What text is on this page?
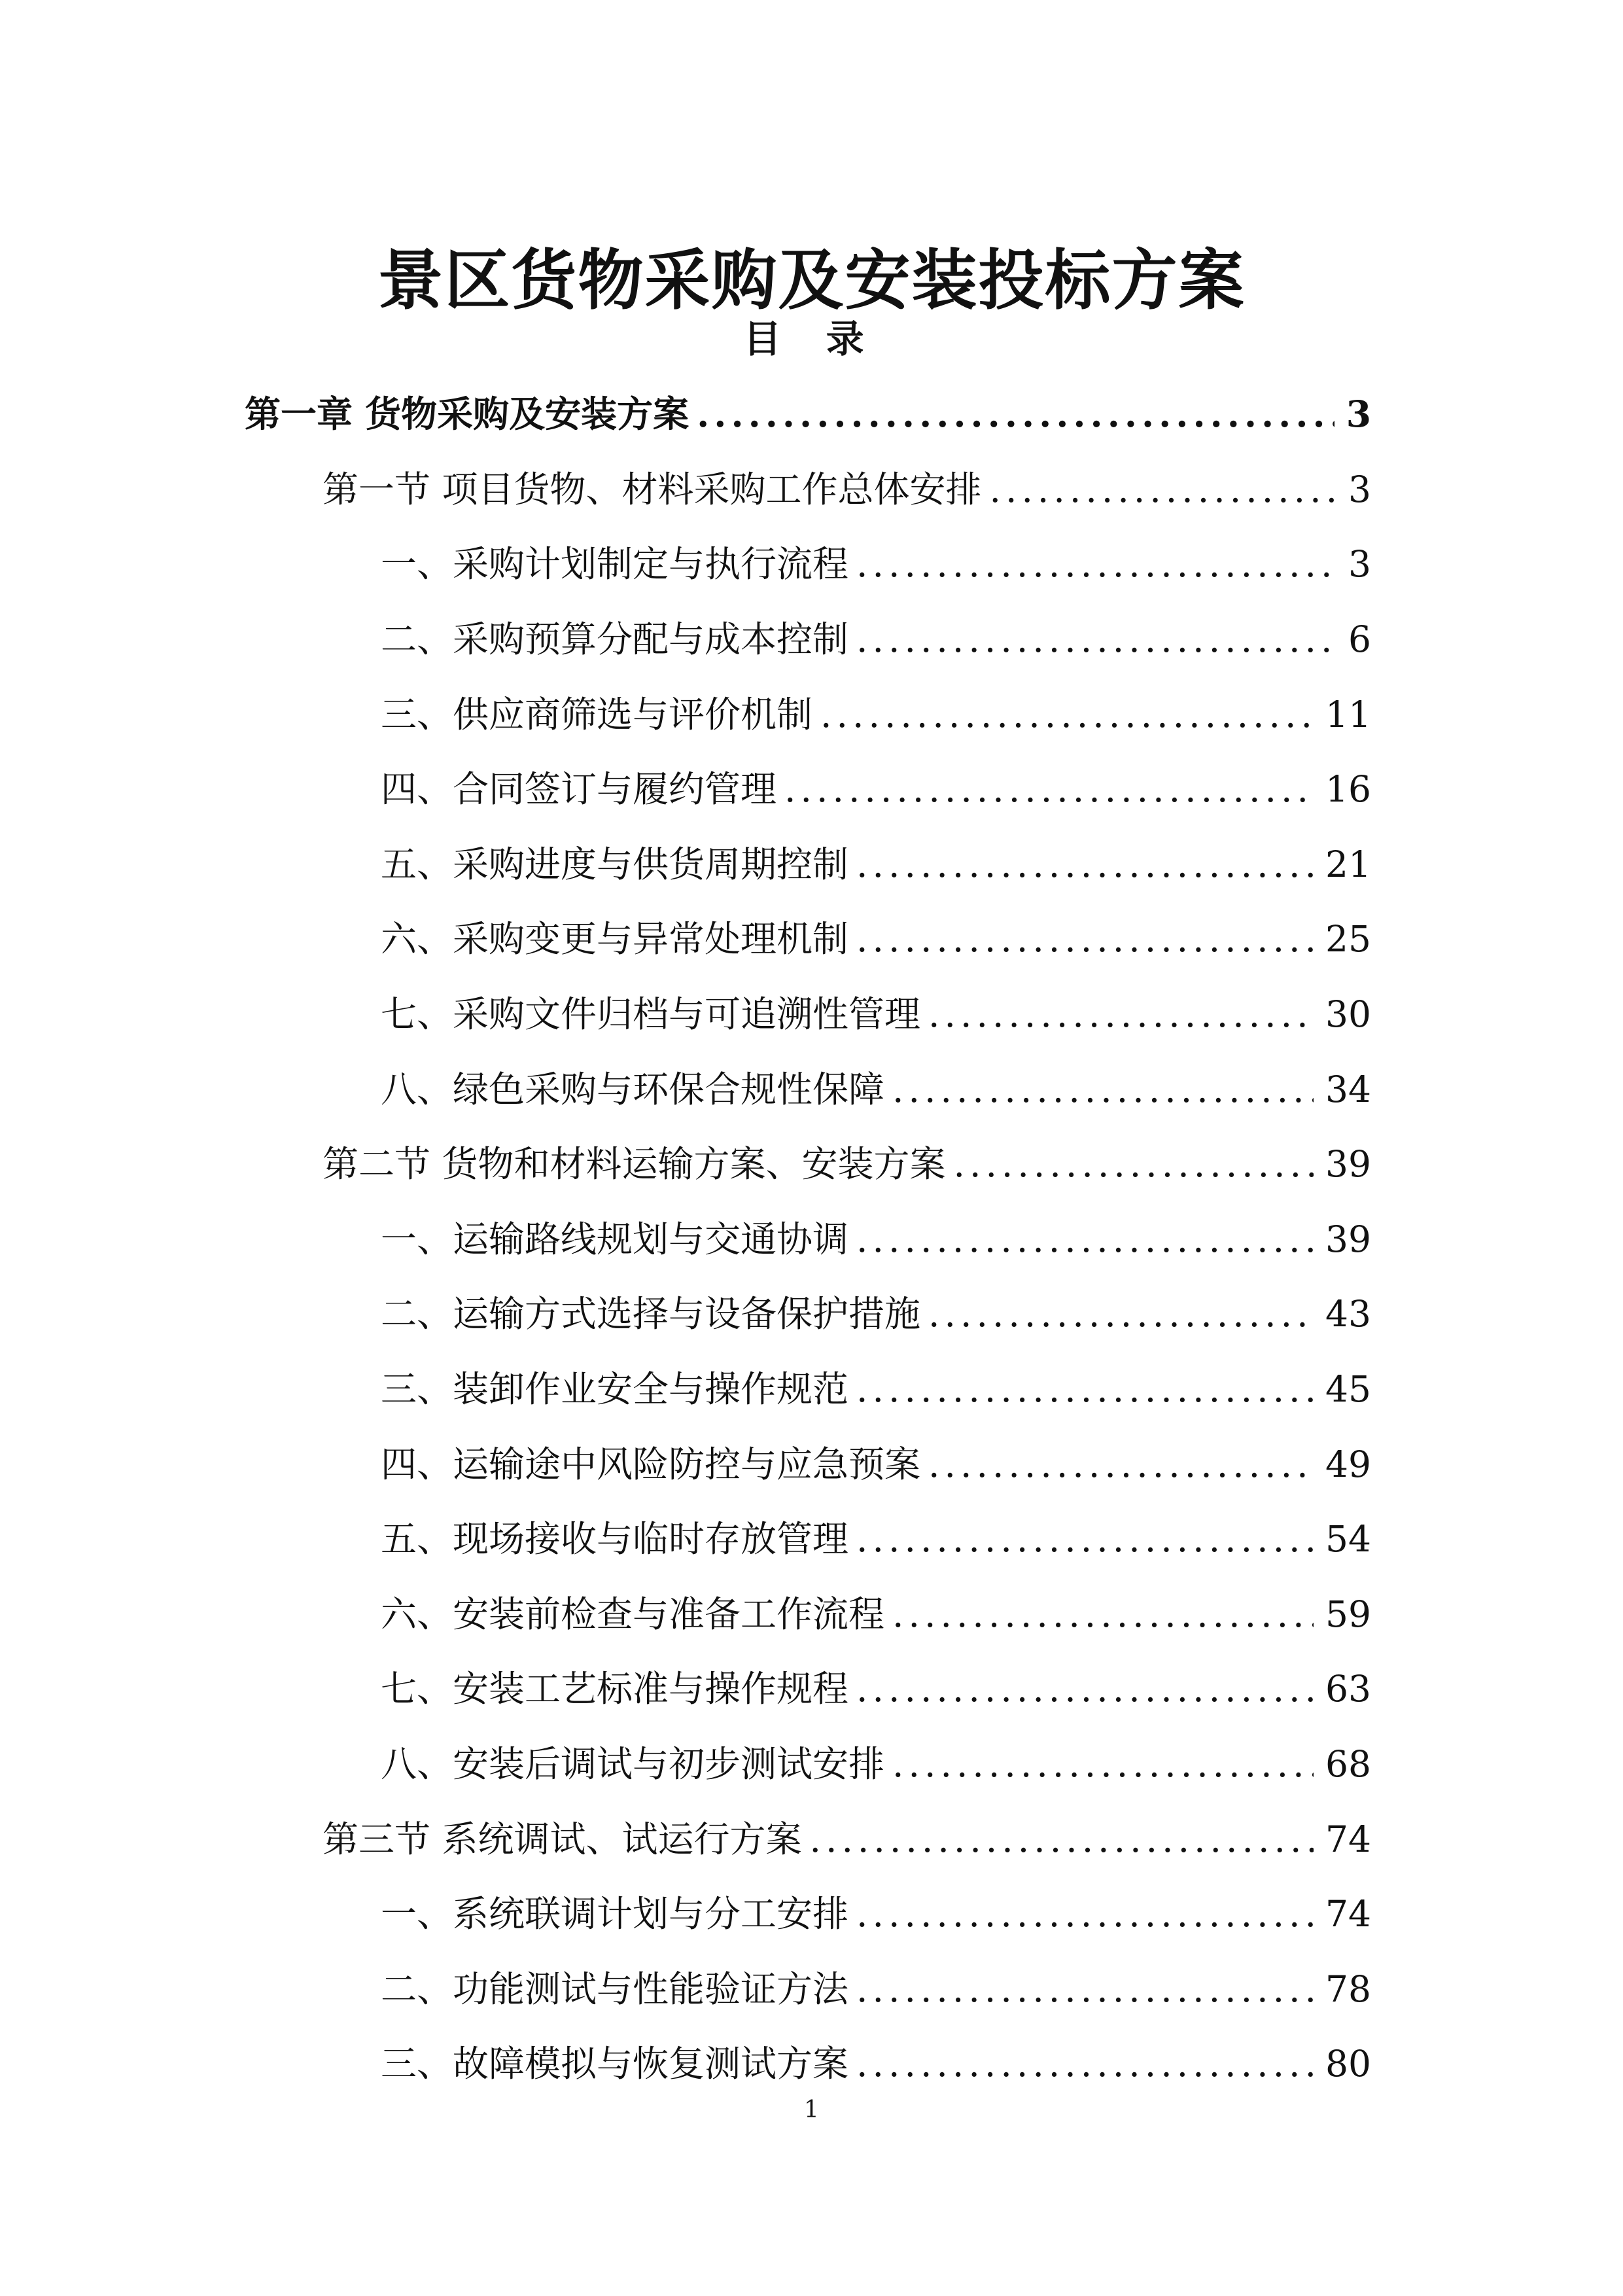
景区货物采购及安装投标方案
目 录
第一章 货物采购及安装方案 .....	3
第一节 项目货物、材料采购工作总体安排 .....	3
一、采购计划制定与执行流程 .....	3
二、采购预算分配与成本控制 .....	6
三、供应商筛选与评价机制 .....	11
四、合同签订与履约管理 .....	16
五、采购进度与供货周期控制 .....	21
六、采购变更与异常处理机制 .....	25
七、采购文件归档与可追溯性管理 .....	30
八、绿色采购与环保合规性保障 .....	34
第二节 货物和材料运输方案、安装方案 .....	39
一、运输路线规划与交通协调 .....	39
二、运输方式选择与设备保护措施 .....	43
三、装卸作业安全与操作规范 .....	45
四、运输途中风险防控与应急预案 .....	49
五、现场接收与临时存放管理 .....	54
六、安装前检查与准备工作流程 .....	59
七、安装工艺标准与操作规程 .....	63
八、安装后调试与初步测试安排 .....	68
第三节 系统调试、试运行方案 .....	74
一、系统联调计划与分工安排 .....	74
二、功能测试与性能验证方法 .....	78
三、故障模拟与恢复测试方案 .....	80
1
